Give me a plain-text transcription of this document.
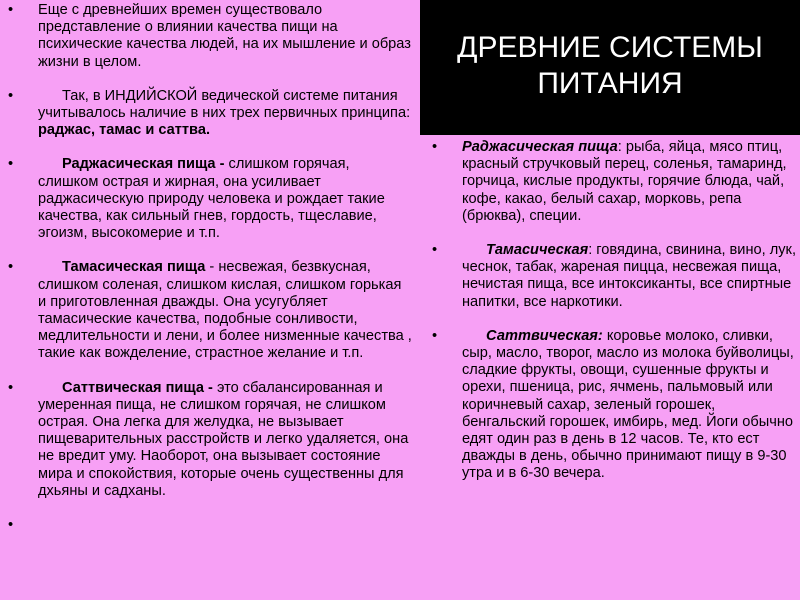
ДРЕВНИЕ СИСТЕМЫ ПИТАНИЯ
•	Еще с древнейших времен существовало представление о влиянии качества пищи на психические качества людей, на их мышление и образ жизни в целом.
•	Так, в ИНДИЙСКОЙ ведической системе питания учитывалось наличие в них трех первичных принципа: раджас, тамас и саттва.
•	Раджасическая пища - слишком горячая, слишком острая и жирная, она усиливает раджасическую природу человека и рождает такие качества, как сильный гнев, гордость, тщеславие, эгоизм, высокомерие и т.п.
•	Тамасическая пища - несвежая, безвкусная, слишком соленая, слишком кислая, слишком горькая и приготовленная дважды. Она усугубляет тамасические качества, подобные сонливости, медлительности и лени, и более низменные качества , такие как вожделение, страстное желание и т.п.
•	Саттвическая пища - это сбалансированная и умеренная пища, не слишком горячая, не слишком острая. Она легка для желудка, не вызывает пищеварительных расстройств и легко удаляется, она не вредит уму. Наоборот, она вызывает состояние мира и спокойствия, которые очень существенны для дхьяны и садханы.
•
•	Раджасическая пища: рыба, яйца, мясо птиц, красный стручковый перец, соленья, тамаринд, горчица, кислые продукты, горячие блюда, чай, кофе, какао, белый сахар, морковь, репа (брюква), специи.
•	Тамасическая: говядина, свинина, вино, лук, чеснок, табак, жареная пицца, несвежая пища, нечистая пища, все интоксиканты, все спиртные напитки, все наркотики.
•	Саттвическая: коровье молоко, сливки, сыр, масло, творог, масло из молока буйволицы, сладкие фрукты, овощи, сушенные фрукты и орехи, пшеница, рис, ячмень, пальмовый или коричневый сахар, зеленый горошек, бенгальский горошек, имбирь, мед. Йоги обычно едят один раз в день в 12 часов. Те, кто ест дважды в день, обычно принимают пищу в 9-30 утра и в 6-30 вечера.
